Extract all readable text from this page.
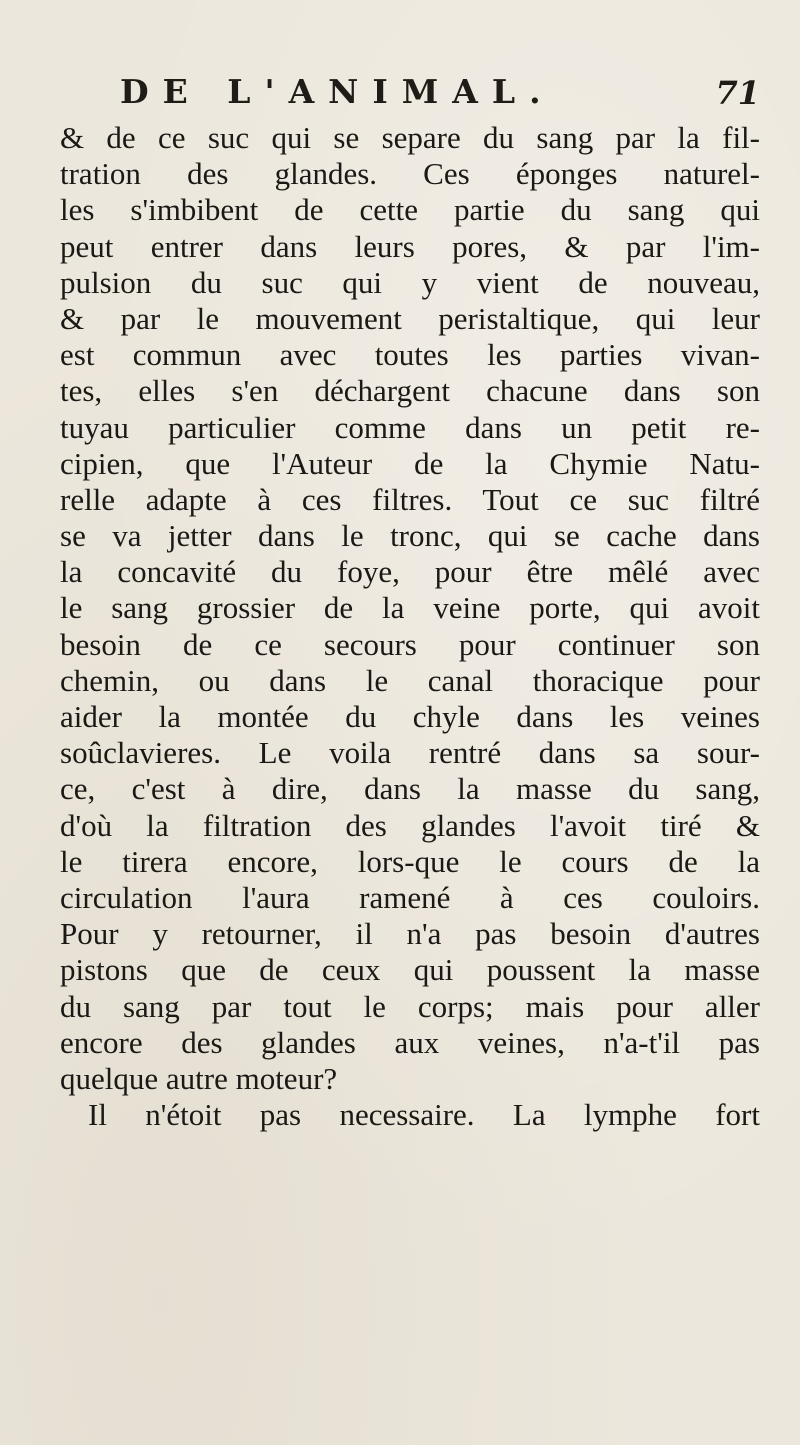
DE L'ANIMAL.	71
& de ce suc qui se separe du sang par la fil-
tration des glandes. Ces éponges naturel-
les s'imbibent de cette partie du sang qui
peut entrer dans leurs pores, & par l'im-
pulsion du suc qui y vient de nouveau,
& par le mouvement peristaltique, qui leur
est commun avec toutes les parties vivan-
tes, elles s'en déchargent chacune dans son
tuyau particulier comme dans un petit re-
cipien, que l'Auteur de la Chymie Natu-
relle adapte à ces filtres. Tout ce suc filtré
se va jetter dans le tronc, qui se cache dans
la concavité du foye, pour être mêlé avec
le sang grossier de la veine porte, qui avoit
besoin de ce secours pour continuer son
chemin, ou dans le canal thoracique pour
aider la montée du chyle dans les veines
soûclavieres. Le voila rentré dans sa sour-
ce, c'est à dire, dans la masse du sang,
d'où la filtration des glandes l'avoit tiré &
le tirera encore, lors-que le cours de la
circulation l'aura ramené à ces couloirs.
Pour y retourner, il n'a pas besoin d'autres
pistons que de ceux qui poussent la masse
du sang par tout le corps; mais pour aller
encore des glandes aux veines, n'a-t'il pas
quelque autre moteur?
Il n'étoit pas necessaire. La lymphe fort
